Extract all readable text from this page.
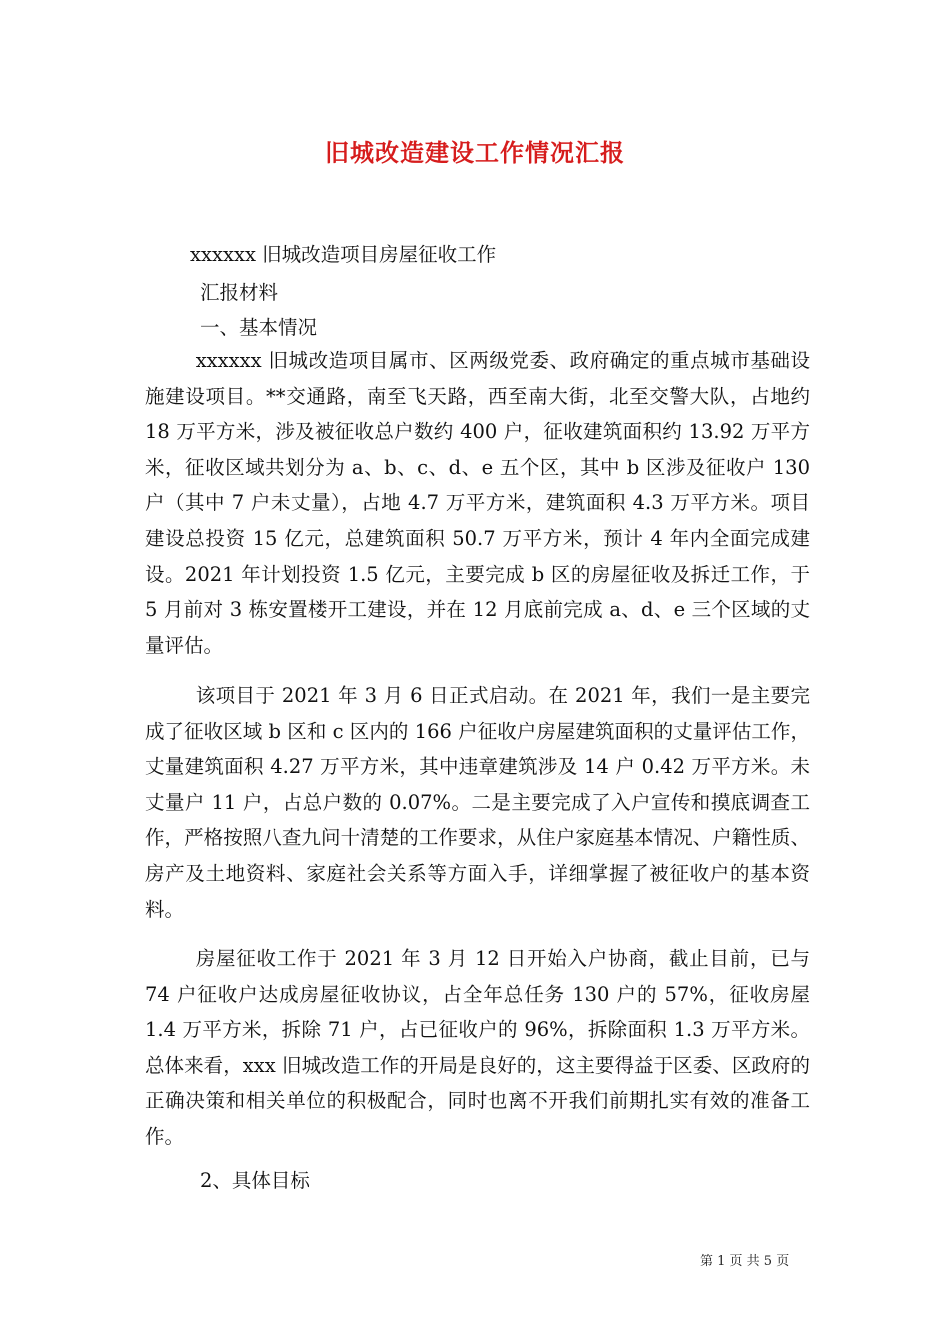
旧城改造建设工作情况汇报
xxxxxx 旧城改造项目房屋征收工作
汇报材料
一、基本情况

xxxxxx 旧城改造项目属市、区两级党委、政府确定的重点城市基础设施建设项目。**交通路，南至飞天路，西至南大街，北至交警大队，占地约 18 万平方米，涉及被征收总户数约 400 户，征收建筑面积约 13.92 万平方米，征收区域共划分为 a、b、c、d、e 五个区，其中 b 区涉及征收户 130 户（其中 7 户未丈量），占地 4.7 万平方米，建筑面积 4.3 万平方米。项目建设总投资 15 亿元，总建筑面积 50.7 万平方米，预计 4 年内全面完成建设。2021 年计划投资 1.5 亿元，主要完成 b 区的房屋征收及拆迁工作，于 5 月前对 3 栋安置楼开工建设，并在 12 月底前完成 a、d、e 三个区域的丈量评估。

该项目于 2021 年 3 月 6 日正式启动。在 2021 年，我们一是主要完成了征收区域 b 区和 c 区内的 166 户征收户房屋建筑面积的丈量评估工作，丈量建筑面积 4.27 万平方米，其中违章建筑涉及 14 户 0.42 万平方米。未丈量户 11 户，占总户数的 0.07%。二是主要完成了入户宣传和摸底调查工作，严格按照八查九问十清楚的工作要求，从住户家庭基本情况、户籍性质、房产及土地资料、家庭社会关系等方面入手，详细掌握了被征收户的基本资料。

房屋征收工作于 2021 年 3 月 12 日开始入户协商，截止目前，已与 74 户征收户达成房屋征收协议，占全年总任务 130 户的 57%，征收房屋 1.4 万平方米，拆除 71 户，占已征收户的 96%，拆除面积 1.3 万平方米。总体来看，xxx 旧城改造工作的开局是良好的，这主要得益于区委、区政府的正确决策和相关单位的积极配合，同时也离不开我们前期扎实有效的准备工作。

2、具体目标
第 1 页 共 5 页
